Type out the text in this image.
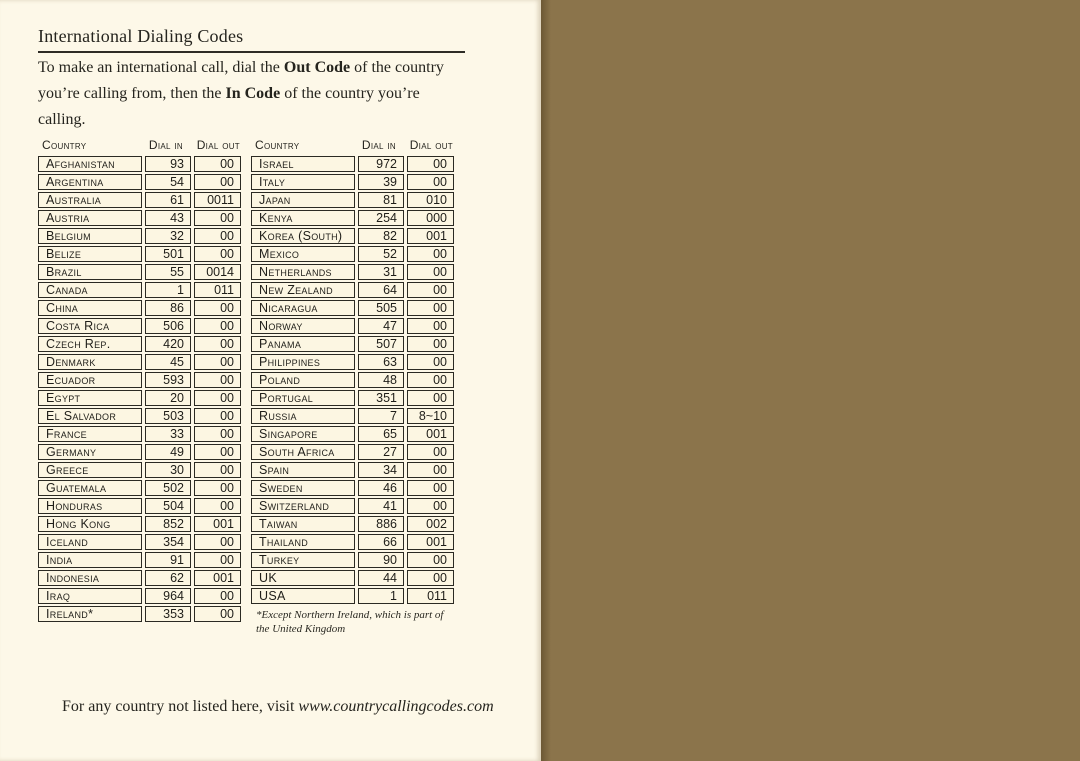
International Dialing Codes

To make an international call, dial the Out Code of the country you’re calling from, then the In Code of the country you’re calling.

Country	Dial in	Dial out
Afghanistan	93	00
Argentina	54	00
Australia	61	0011
Austria	43	00
Belgium	32	00
Belize	501	00
Brazil	55	0014
Canada	1	011
China	86	00
Costa Rica	506	00
Czech Rep.	420	00
Denmark	45	00
Ecuador	593	00
Egypt	20	00
El Salvador	503	00
France	33	00
Germany	49	00
Greece	30	00
Guatemala	502	00
Honduras	504	00
Hong Kong	852	001
Iceland	354	00
India	91	00
Indonesia	62	001
Iraq	964	00
Ireland*	353	00
Country	Dial in	Dial out
Israel	972	00
Italy	39	00
Japan	81	010
Kenya	254	000
Korea (South)	82	001
Mexico	52	00
Netherlands	31	00
New Zealand	64	00
Nicaragua	505	00
Norway	47	00
Panama	507	00
Philippines	63	00
Poland	48	00
Portugal	351	00
Russia	7	8~10
Singapore	65	001
South Africa	27	00
Spain	34	00
Sweden	46	00
Switzerland	41	00
Taiwan	886	002
Thailand	66	001
Turkey	90	00
UK	44	00
USA	1	011
*Except Northern Ireland, which is part of the United Kingdom
For any country not listed here, visit www.countrycallingcodes.com
